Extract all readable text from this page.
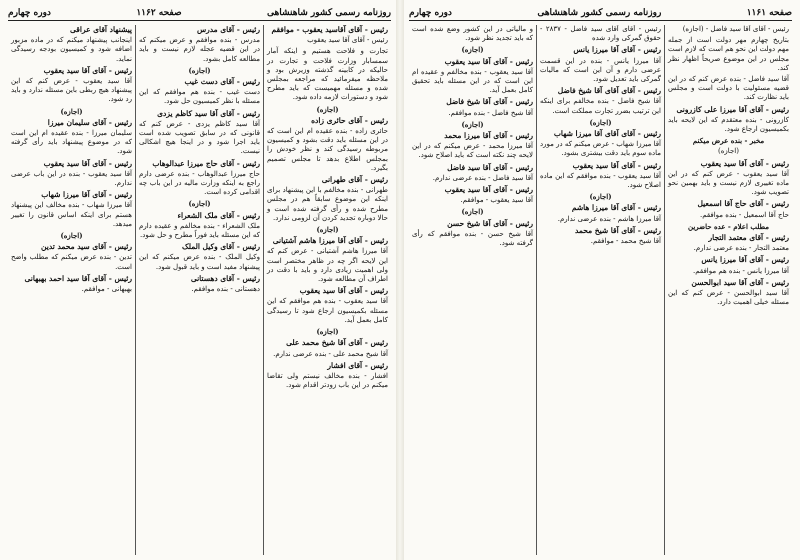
روزنامه رسمی کشور شاهنشاهی
صفحه ۱۱۶۲
دوره چهارم

رئیس - آقای آقاسید یعقوب - موافقم

رئیس - آقای آقا سید یعقوب

تجارت و فلاحت هستیم و اینکه آمار سمسابار وزارت فلاحت و تجارت در حالیکه در کابینه گذشته وزیرش بود و ملاحظه میفرمائید که مراجعه بمجلس شده و مسئله مهمیست که باید مطرح شود و دستورات لازمه داده شود.

(اجازه)

رئیس - آقای حائری زاده

حائری زاده - بنده عقیده ام این است که در این مسئله باید دقت بشود و کمیسیون مربوطه رسیدگی کند و نظر خودش را بمجلس اطلاع بدهد تا مجلس تصمیم بگیرد.

رئیس - آقای طهرانی

طهرانی - بنده مخالفم با این پیشنهاد برای اینکه این موضوع سابقاً هم در مجلس مطرح شده و رأی گرفته شده است و حالا دوباره تجدید کردن آن لزومی ندارد.

(اجازه)

رئیس - آقای آقا میرزا هاشم آشتیانی

آقا میرزا هاشم آشتیانی - عرض کنم که این لایحه اگر چه در ظاهر مختصر است ولی اهمیت زیادی دارد و باید با دقت در اطراف آن مطالعه شود.

رئیس - آقای آقا سید یعقوب

آقا سید یعقوب - بنده هم موافقم که این مسئله بکمیسیون ارجاع شود تا رسیدگی کامل بعمل آید.

(اجازه)

رئیس - آقای آقا شیخ محمد علی

آقا شیخ محمد علی - بنده عرضی ندارم.

رئیس - آقای افشار

افشار - بنده مخالف نیستم ولی تقاضا میکنم در این باب زودتر اقدام شود.

رئیس - آقای مدرس

مدرس - بنده موافقم و عرض میکنم که در این قضیه عجله لازم نیست و باید مطالعه کامل بشود.

(اجازه)

رئیس - آقای دست غیب

دست غیب - بنده هم موافقم که این مسئله با نظر کمیسیون حل شود.

رئیس - آقای آقا سید کاظم یزدی

آقا سید کاظم یزدی - عرض کنم که قانونی که در سابق تصویب شده است باید اجرا شود و در اینجا هیچ اشکالی نیست.

رئیس - آقای حاج میرزا عبدالوهاب

حاج میرزا عبدالوهاب - بنده عرضی دارم راجع به اینکه وزارت مالیه در این باب چه اقدامی کرده است.

(اجازه)

رئیس - آقای ملک الشعراء

ملک الشعراء - بنده مخالفم و عقیده دارم که این مسئله باید فوراً مطرح و حل شود.

رئیس - آقای وکیل الملک

وکیل الملک - بنده عرض میکنم که این پیشنهاد مفید است و باید قبول شود.

رئیس - آقای دهستانی

دهستانی - بنده موافقم.

پیشنهاد آقای عراقی

اینجانب پیشنهاد میکنم که در ماده مزبور اضافه شود و کمیسیون بودجه رسیدگی نماید.

رئیس - آقای آقا سید یعقوب

آقا سید یعقوب - عرض کنم که این پیشنهاد هیچ ربطی باین مسئله ندارد و باید رد شود.

(اجازه)

رئیس - آقای سلیمان میرزا

سلیمان میرزا - بنده عقیده ام این است که در موضوع پیشنهاد باید رأی گرفته شود.

رئیس - آقای آقا سید یعقوب

آقا سید یعقوب - بنده در این باب عرضی ندارم.

رئیس - آقای آقا میرزا شهاب

آقا میرزا شهاب - بنده مخالف این پیشنهاد هستم برای اینکه اساس قانون را تغییر میدهد.

(اجازه)

رئیس - آقای سید محمد تدین

تدین - بنده عرض میکنم که مطلب واضح است.

رئیس - آقای آقا سید احمد بهبهانی

بهبهانی - موافقم.

صفحه ۱۱۶۱
روزنامه رسمی کشور شاهنشاهی
دوره چهارم

رئیس - آقای آقا سید فاضل - (اجازه)

بتاریخ چهارم مهر دولت است از جمله مهم دولت این نحو هم است که لازم است مجلس در این موضوع صریحاً اظهار نظر کند.

آقا سید فاضل - بنده عرض کنم که در این قضیه مسئولیت با دولت است و مجلس باید نظارت کند.

رئیس - آقای آقا میرزا علی کازرونی

کازرونی - بنده معتقدم که این لایحه باید بکمیسیون ارجاع شود.

مخبر - بنده عرض میکنم

(اجازه)

رئیس - آقای آقا سید یعقوب

آقا سید یعقوب - عرض کنم که در این ماده تغییری لازم نیست و باید بهمین نحو تصویب شود.

رئیس - آقای حاج آقا اسمعیل

حاج آقا اسمعیل - بنده موافقم.

مطلب اعلام - عده حاضرین

رئیس - آقای معتمد التجار

معتمد التجار - بنده عرضی ندارم.

رئیس - آقای آقا میرزا یانس

آقا میرزا یانس - بنده هم موافقم.

رئیس - آقای آقا سید ابوالحسن

آقا سید ابوالحسن - عرض کنم که این مسئله خیلی اهمیت دارد.

رئیس - آقای آقای سید فاضل - ۲۸۳۷ - حقوق گمرکی وارد شده

رئیس - آقای آقا میرزا یانس

آقا میرزا یانس - بنده در این قسمت عرضی دارم و آن این است که مالیات گمرکی باید تعدیل شود.

رئیس - آقای آقای آقا شیخ فاضل

آقا شیخ فاضل - بنده مخالفم برای اینکه این ترتیب بضرر تجارت مملکت است.

(اجازه)

رئیس - آقای آقای آقا میرزا شهاب

آقا میرزا شهاب - عرض میکنم که در مورد ماده سوم باید دقت بیشتری بشود.

رئیس - آقای آقا سید یعقوب

آقا سید یعقوب - بنده موافقم که این ماده اصلاح شود.

(اجازه)

رئیس - آقای آقا میرزا هاشم

آقا میرزا هاشم - بنده عرضی ندارم.

رئیس - آقای آقا شیخ محمد

آقا شیخ محمد - موافقم.

و مالیاتی در این کشور وضع شده است که باید تجدید نظر شود.

(اجازه)

رئیس - آقای آقا سید یعقوب

آقا سید یعقوب - بنده مخالفم و عقیده ام این است که در این مسئله باید تحقیق کامل بعمل آید.

رئیس - آقای آقا شیخ فاضل

آقا شیخ فاضل - بنده موافقم.

(اجازه)

رئیس - آقای آقا میرزا محمد

آقا میرزا محمد - عرض میکنم که در این لایحه چند نکته است که باید اصلاح شود.

رئیس - آقای آقا سید فاضل

آقا سید فاضل - بنده عرضی ندارم.

رئیس - آقای آقا سید یعقوب

آقا سید یعقوب - موافقم.

(اجازه)

رئیس - آقای آقا شیخ حسن

آقا شیخ حسن - بنده موافقم که رأی گرفته شود.
